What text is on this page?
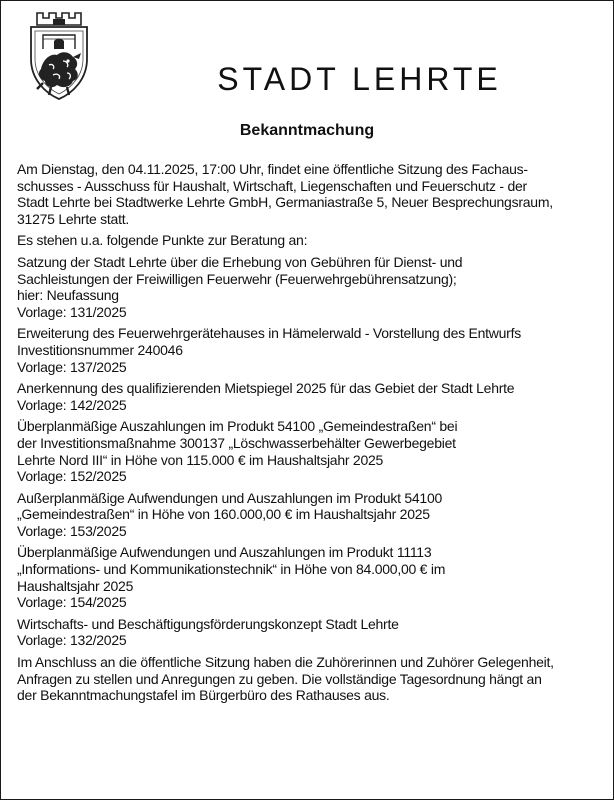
STADT LEHRTE
Bekanntmachung

Am Dienstag, den 04.11.2025, 17:00 Uhr, findet eine öffentliche Sitzung des Fachaus-
schusses - Ausschuss für Haushalt, Wirtschaft, Liegenschaften und Feuerschutz - der
Stadt Lehrte bei Stadtwerke Lehrte GmbH, Germaniastraße 5, Neuer Besprechungsraum,
31275 Lehrte statt.

Es stehen u.a. folgende Punkte zur Beratung an:

Satzung der Stadt Lehrte über die Erhebung von Gebühren für Dienst- und
Sachleistungen der Freiwilligen Feuerwehr (Feuerwehrgebührensatzung);
hier: Neufassung
Vorlage: 131/2025
Erweiterung des Feuerwehrgerätehauses in Hämelerwald - Vorstellung des Entwurfs
Investitionsnummer 240046
Vorlage: 137/2025
Anerkennung des qualifizierenden Mietspiegel 2025 für das Gebiet der Stadt Lehrte
Vorlage: 142/2025
Überplanmäßige Auszahlungen im Produkt 54100 „Gemeindestraßen“ bei
der Investitionsmaßnahme 300137 „Löschwasserbehälter Gewerbegebiet
Lehrte Nord III“ in Höhe von 115.000 € im Haushaltsjahr 2025
Vorlage: 152/2025
Außerplanmäßige Aufwendungen und Auszahlungen im Produkt 54100
„Gemeindestraßen“ in Höhe von 160.000,00 € im Haushaltsjahr 2025
Vorlage: 153/2025
Überplanmäßige Aufwendungen und Auszahlungen im Produkt 11113
„Informations- und Kommunikationstechnik“ in Höhe von 84.000,00 € im
Haushaltsjahr 2025
Vorlage: 154/2025
Wirtschafts- und Beschäftigungsförderungskonzept Stadt Lehrte
Vorlage: 132/2025

Im Anschluss an die öffentliche Sitzung haben die Zuhörerinnen und Zuhörer Gelegenheit,
Anfragen zu stellen und Anregungen zu geben. Die vollständige Tagesordnung hängt an
der Bekanntmachungstafel im Bürgerbüro des Rathauses aus.
